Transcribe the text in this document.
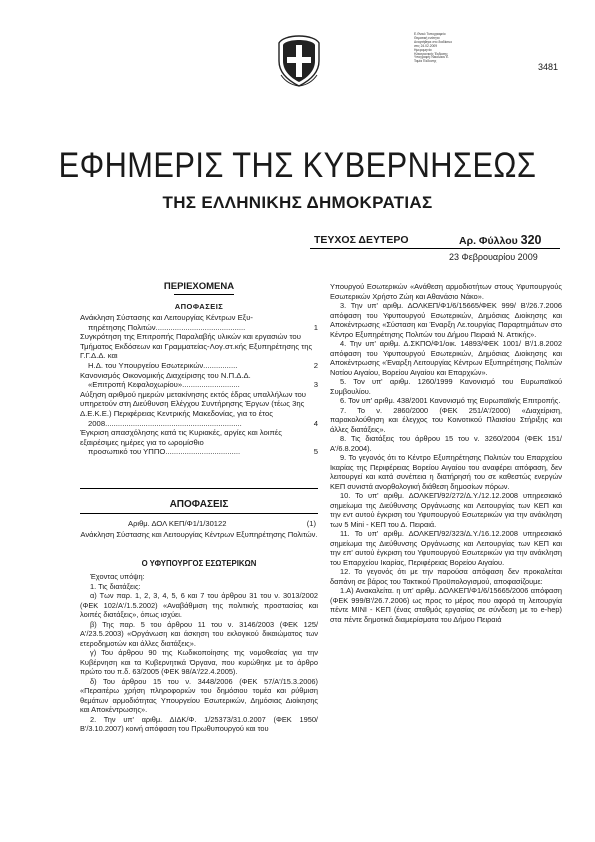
Ε.Θνικό Τυπογραφείο
Θεματική ενότητα
Αναρτήθηκε στο διαδίκτυο
στις 24.02.2009
Ημερομηνία
Ηλεκτρονικής Έκδοσης
Υπογραφή: Νικολάου Ε.
Ταμία Έκδοσης
3481
ΕΦΗΜΕΡΙΣ ΤΗΣ ΚΥΒΕΡΝΗΣΕΩΣ
ΤΗΣ ΕΛΛΗΝΙΚΗΣ ΔΗΜΟΚΡΑΤΙΑΣ
ΤΕΥΧΟΣ ΔΕΥΤΕΡΟ	Αρ. Φύλλου 320
23 Φεβρουαρίου 2009
ΠΕΡΙΕΧΟΜΕΝΑ
ΑΠΟΦΑΣΕΙΣ
Ανάκληση Σύστασης και Λειτουργίας Κέντρων Εξυ-
πηρέτησης Πολιτών..........................................	1
Συγκρότηση της Επιτροπής Παραλαβής υλικών και εργασιών του Τμήματος Εκδόσεων και Γραμματείας-Λογ.στ.κής Εξυπηρέτησης της Γ.Γ.Δ.Δ. και
Η.Δ. του Υπουργείου Εσωτερικών................	2
Κανονισμός Οικονομικής Διαχείρισης του Ν.Π.Δ.Δ.
«Επιτροπή Κεφαλοχωρίου»...........................	3
Αύξηση αριθμού ημερών μετακίνησης εκτός έδρας υπαλλήλων του υπηρετούν στη Διεύθυνση Ελέγχου Συντήρησης Έργων (τέως 3ης Δ.Ε.Κ.Ε.) Περιφέρειας Κεντρικής Μακεδονίας, για το έτος
2008................................................................	4
Έγκριση απασχόλησης κατά τις Κυριακές, αργίες και λοιπές εξαιρέσιμες ημέρες για το ωρομίσθιο
προσωπικό του ΥΠΠΟ...................................	5
ΑΠΟΦΑΣΕΙΣ
Αριθμ. ΔΟΛ ΚΕΠ/Φ1/1/30122	(1)
Ανάκληση Σύστασης και Λειτουργίας Κέντρων Εξυπηρέτησης Πολιτών.
Ο ΥΦΥΠΟΥΡΓΟΣ ΕΣΩΤΕΡΙΚΩΝ

Έχοντας υπόψη:

1. Τις διατάξεις:

α) Των παρ. 1, 2, 3, 4, 5, 6 και 7 του άρθρου 31 του ν. 3013/2002 (ΦΕΚ 102/Α'/1.5.2002) «Αναβάθμιση της πολιτικής προστασίας και λοιπές διατάξεις», όπως ισχύει.

β) Της παρ. 5 του άρθρου 11 του ν. 3146/2003 (ΦΕΚ 125/Α'/23.5.2003) «Οργάνωση και άσκηση του εκλογικού δικαιώματος των ετεροδημοτών και άλλες διατάξεις».

γ) Του άρθρου 90 της Κωδικοποίησης της νομοθεσίας για την Κυβέρνηση και τα Κυβερνητικά Όργανα, που κυρώθηκε με το άρθρο πρώτο του π.δ. 63/2005 (ΦΕΚ 98/Α'/22.4.2005).

δ) Του άρθρου 15 του ν. 3448/2006 (ΦΕΚ 57/Α'/15.3.2006) «Περαιτέρω χρήση πληροφοριών του δημόσιου τομέα και ρύθμιση θεμάτων αρμοδιότητας Υπουργείου Εσωτερικών, Δημόσιας Διοίκησης και Αποκέντρωσης».

2. Την υπ' αριθμ. ΔΙΔΚ/Φ. 1/25373/31.0.2007 (ΦΕΚ 1950/ Β'/3.10.2007) κοινή απόφαση του Πρωθυπουργού και του

Υπουργού Εσωτερικών «Ανάθεση αρμοδιοτήτων στους Υφυπουργούς Εσωτερικών Χρήστο Ζώη και Αθανάσιο Νάκο».

3. Την υπ' αριθμ. ΔΟΛΚΕΠ/Φ1/6/15665/ΦΕΚ 999/ Β'/26.7.2006 απόφαση του Υφυπουργού Εσωτερικών, Δημόσιας Διοίκησης και Αποκέντρωσης «Σύσταση και Έναρξη Λε.τουργίας Παραρτημάτων στο Κέντρο Εξυπηρέτησης Πολιτών του Δήμου Πειραιά Ν. Αττικής».

4. Την υπ' αριθμ. Δ.ΣΚΠΟ/Φ1/οικ. 14893/ΦΕΚ 1001/ Β'/1.8.2002 απόφαση του Υφυπουργού Εσωτερικών, Δημόσιας Διοίκησης και Αποκέντρωσης «Έναρξη Λειτουργίας Κέντρων Εξυπηρέτησης Πολιτών Νοτίου Αιγαίου, Βορείου Αιγαίου και Επαρχιών».

5. Τον υπ' αριθμ. 1260/1999 Κανονισμό του Ευρωπαϊκού Συμβουλίου.

6. Τον υπ' αριθμ. 438/2001 Κανονισμό της Ευρωπαϊκής Επιτροπής.

7. Το ν. 2860/2000 (ΦΕΚ 251/Α'/2000) «Διαχείριση, παρακολούθηση και έλεγχος του Κοινοτικού Πλαισίου Στήριξης και άλλες διατάξεις».

8. Τις διατάξεις του άρθρου 15 του ν. 3260/2004 (ΦΕΚ 151/Α'/6.8.2004).

9. Το γεγονός ότι το Κέντρο Εξυπηρέτησης Πολιτών του Επαρχείου Ικαρίας της Περιφέρειας Βορείου Αιγαίου του αναφέρει απόφαση, δεν λειτουργεί και κατά συνέπεια η διατήρησή του σε καθεστώς ενεργών ΚΕΠ συνιστά ανορθολογική διάθεση δημοσίων πόρων.

10. Το υπ' αριθμ. ΔΟΛΚΕΠ/92/272/Δ.Υ./12.12.2008 υπηρεσιακό σημείωμα της Διεύθυνσης Οργάνωσης και Λειτουργίας των ΚΕΠ και την εντ αυτού έγκριση του Υφυπουργού Εσωτερικών για την ανάκληση των 5 Mini - ΚΕΠ του Δ. Πειραιά.

11. Το υπ' αριθμ. ΔΟΛΚΕΠ/92/323/Δ.Υ./16.12.2008 υπηρεσιακό σημείωμα της Διεύθυνσης Οργάνωσης και Λειτουργίας των ΚΕΠ και την επ' αυτού έγκριση του Υφυπουργού Εσωτερικών για την ανάκληση του Επαρχείου Ικαρίας, Περιφέρειας Βορείου Αιγαίου.

12. Το γεγονός ότι με την παρούσα απόφαση δεν προκαλείται δαπάνη σε βάρος του Τακτικού Προϋπολογισμού, αποφασίζουμε:

1.Α) Ανακαλείτα. η υπ' αριθμ. ΔΟΛΚΕΠ/Φ1/6/15665/2006 απόφαση (ΦΕΚ 999/Β'/26.7.2006) ως προς το μέρος που αφορά τη λειτουργία πέντε MINI - ΚΕΠ (ένας σταθμός εργασίας σε σύνδεση με το e-hep) στα πέντε δημοτικά διαμερίσματα του Δήμου Πειραιά
